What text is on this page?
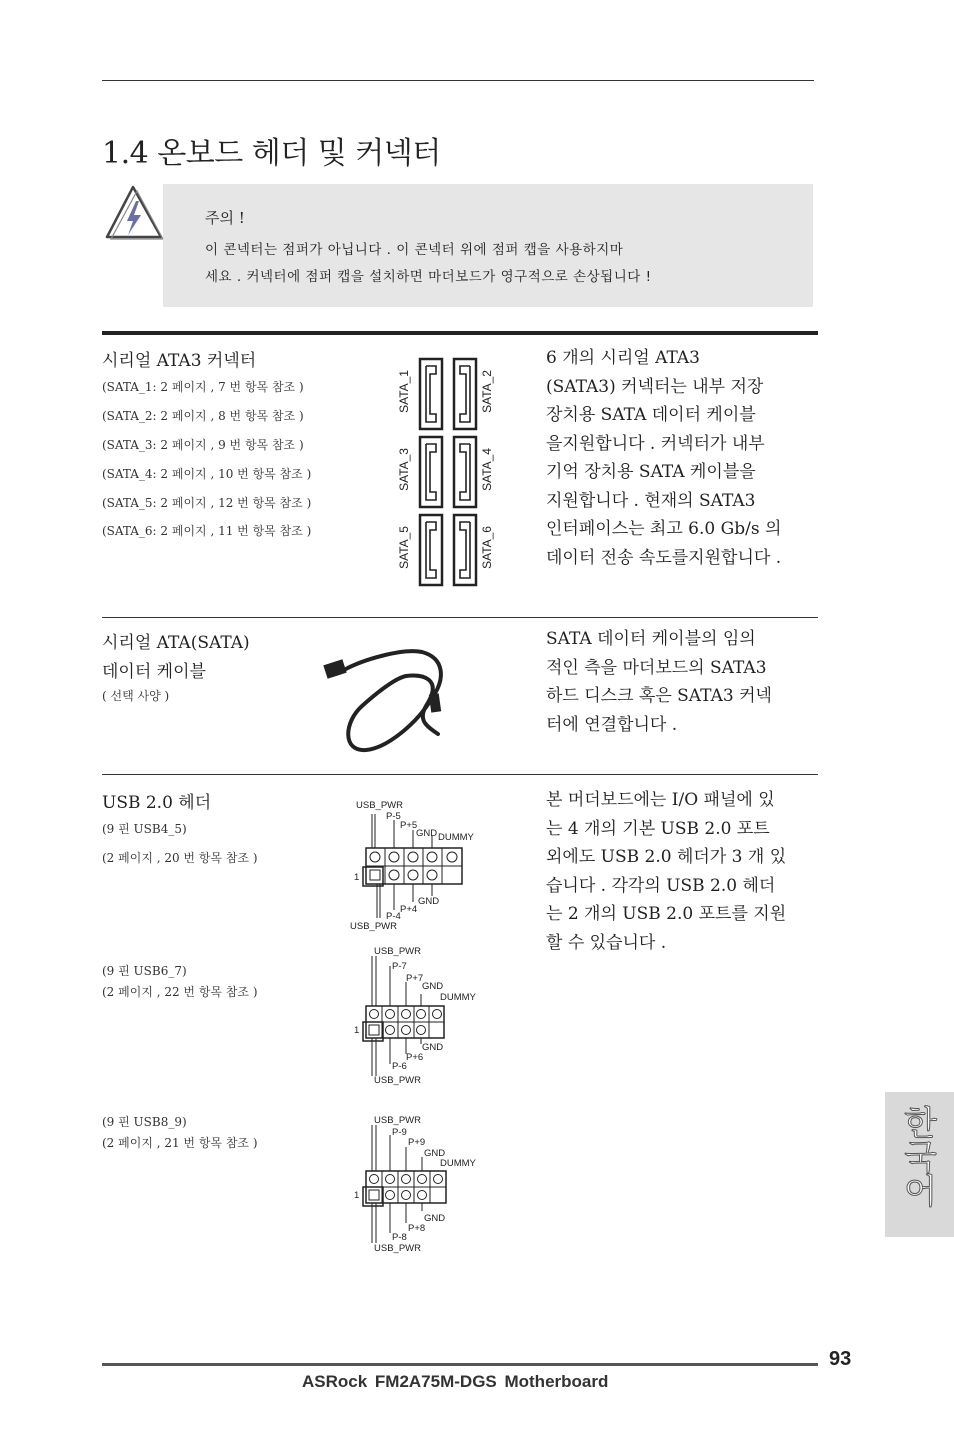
1.4 온보드 헤더 및 커넥터
주의 !
이 콘넥터는 점퍼가 아닙니다 . 이 콘넥터 위에 점퍼 캡을 사용하지마
세요 . 커넥터에 점퍼 캡을 설치하면 마더보드가 영구적으로 손상됩니다 !
시리얼 ATA3 커넥터
(SATA_1: 2 페이지 , 7 번 항목 참조 )
(SATA_2: 2 페이지 , 8 번 항목 참조 )
(SATA_3: 2 페이지 , 9 번 항목 참조 )
(SATA_4: 2 페이지 , 10 번 항목 참조 )
(SATA_5: 2 페이지 , 12 번 항목 참조 )
(SATA_6: 2 페이지 , 11 번 항목 참조 )
SATA_1	SATA_2
SATA_3	SATA_4
SATA_5	SATA_6
6 개의 시리얼 ATA3
(SATA3) 커넥터는 내부 저장
장치용 SATA 데이터 케이블
을지원합니다 . 커넥터가 내부
기억 장치용 SATA 케이블을
지원합니다 . 현재의 SATA3
인터페이스는 최고 6.0 Gb/s 의
데이터 전송 속도를지원합니다 .
시리얼 ATA(SATA)
데이터 케이블
( 선택 사양 )
SATA 데이터 케이블의 임의
적인 측을 마더보드의 SATA3
하드 디스크 혹은 SATA3 커넥
터에 연결합니다 .
USB 2.0 헤더
(9 핀 USB4_5)
(2 페이지 , 20 번 항목 참조 )
(9 핀 USB6_7)
(2 페이지 , 22 번 항목 참조 )
(9 핀 USB8_9)
(2 페이지 , 21 번 항목 참조 )
본 머더보드에는 I/O 패널에 있
는 4 개의 기본 USB 2.0 포트
외에도 USB 2.0 헤더가 3 개 있
습니다 . 각각의 USB 2.0 헤더
는 2 개의 USB 2.0 포트를 지원
할 수 있습니다 .
USB_PWR
P-5
P+5
GND DUMMY
1
GND
P+4
P-4
USB_PWR
USB_PWR
P-7
P+7
GND
DUMMY
1
GND
P+6
P-6
USB_PWR
USB_PWR
P-9
P+9
GND
DUMMY
1
GND
P+8
P-8
USB_PWR
한국어
93
ASRock FM2A75M-DGS Motherboard
